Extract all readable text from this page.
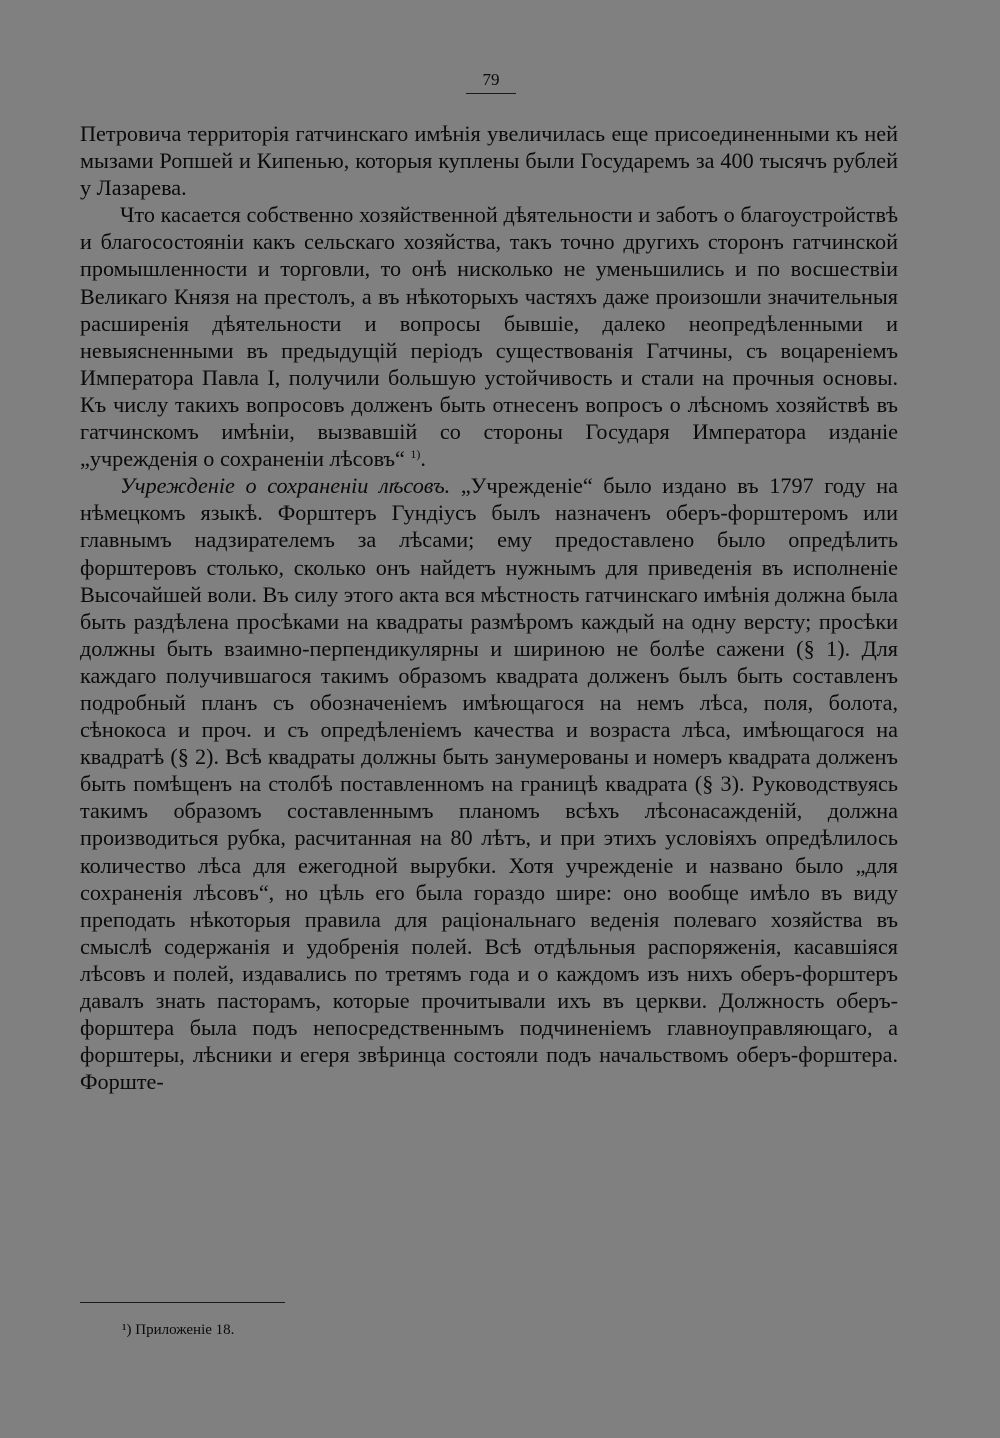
79

Петровича территорія гатчинскаго имѣнія увеличилась еще присоединенными къ ней мызами Ропшей и Кипенью, которыя куплены были Государемъ за 400 тысячъ рублей у Лазарева.

Что касается собственно хозяйственной дѣятельности и заботъ о благоустройствѣ и благосостояніи какъ сельскаго хозяйства, такъ точно другихъ сторонъ гатчинской промышленности и торговли, то онѣ нисколько не уменьшились и по восшествіи Великаго Князя на престолъ, а въ нѣкоторыхъ частяхъ даже произошли значительныя расширенія дѣятельности и вопросы бывшіе, далеко неопредѣленными и невыясненными въ предыдущій періодъ существованія Гатчины, съ воцареніемъ Императора Павла I, получили большую устойчивость и стали на прочныя основы. Къ числу такихъ вопросовъ долженъ быть отнесенъ вопросъ о лѣсномъ хозяйствѣ въ гатчинскомъ имѣніи, вызвавшій со стороны Государя Императора изданіе „учрежденія о сохраненіи лѣсовъ“ $^{1)}$.

Учрежденіе о сохраненіи лѣсовъ. „Учрежденіе“ было издано въ 1797 году на нѣмецкомъ языкѣ. Форштеръ Гундіусъ былъ назначенъ оберъ-форштеромъ или главнымъ надзирателемъ за лѣсами; ему предоставлено было опредѣлить форштеровъ столько, сколько онъ найдетъ нужнымъ для приведенія въ исполненіе Высочайшей воли. Въ силу этого акта вся мѣстность гатчинскаго имѣнія должна была быть раздѣлена просѣками на квадраты размѣромъ каждый на одну версту; просѣки должны быть взаимно-перпендикулярны и шириною не болѣе сажени (§ 1). Для каждаго получившагося такимъ образомъ квадрата долженъ былъ быть составленъ подробный планъ съ обозначеніемъ имѣющагося на немъ лѣса, поля, болота, сѣнокоса и проч. и съ опредѣленіемъ качества и возраста лѣса, имѣющагося на квадратѣ (§ 2). Всѣ квадраты должны быть занумерованы и номеръ квадрата долженъ быть помѣщенъ на столбѣ поставленномъ на границѣ квадрата (§ 3). Руководствуясь такимъ образомъ составленнымъ планомъ всѣхъ лѣсонасажденій, должна производиться рубка, расчитанная на 80 лѣтъ, и при этихъ условіяхъ опредѣлилось количество лѣса для ежегодной вырубки. Хотя учрежденіе и названо было „для сохраненія лѣсовъ“, но цѣль его была гораздо шире: оно вообще имѣло въ виду преподать нѣкоторыя правила для раціональнаго веденія полеваго хозяйства въ смыслѣ содержанія и удобренія полей. Всѣ отдѣльныя распоряженія, касавшіяся лѣсовъ и полей, издавались по третямъ года и о каждомъ изъ нихъ оберъ-форштеръ давалъ знать пасторамъ, которые прочитывали ихъ въ церкви. Должность оберъ-форштера была подъ непосредственнымъ подчиненіемъ главноуправляющаго, а форштеры, лѣсники и егеря звѣринца состояли подъ начальствомъ оберъ-форштера. Форште-

¹) Приложеніе 18.
